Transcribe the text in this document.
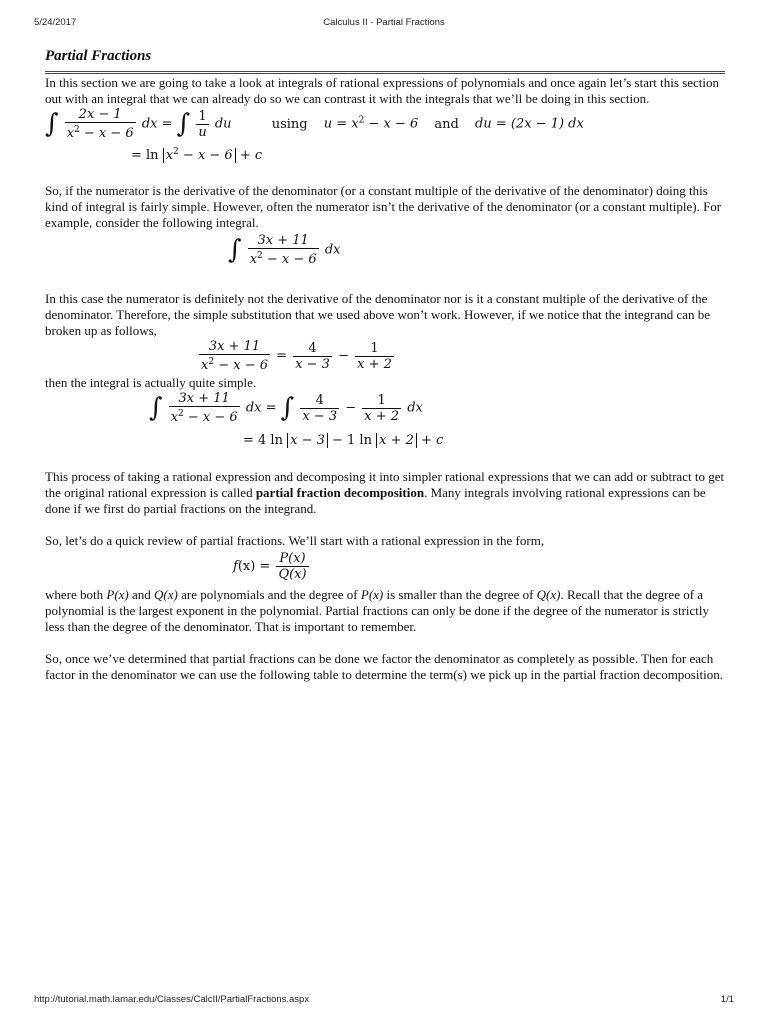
5/24/2017	Calculus II - Partial Fractions
Partial Fractions

In this section we are going to take a look at integrals of rational expressions of polynomials and once again let’s start this section out with an integral that we can already do so we can contrast it with the integrals that we’ll be doing in this section.

∫ $\frac{2x - 1}{x^2 - x - 6}$ dx = ∫ $\frac{1}{u}$ du	using $u = x^2 - x - 6$ and du = (2x − 1) dx
= $\ln x^2 - x - 6 + c$

So, if the numerator is the derivative of the denominator (or a constant multiple of the derivative of the denominator) doing this kind of integral is fairly simple. However, often the numerator isn’t the derivative of the denominator (or a constant multiple). For example, consider the following integral.

∫ $\frac{3x + 11}{x^2 - x - 6}$ dx

In this case the numerator is definitely not the derivative of the denominator nor is it a constant multiple of the derivative of the denominator. Therefore, the simple substitution that we used above won’t work. However, if we notice that the integrand can be broken up as follows,

$\frac{3x + 11}{x^2 - x - 6} = \frac{4}{x - 3} - \frac{1}{x + 2}$

then the integral is actually quite simple.

∫ $\frac{3x + 11}{x^2 - x - 6}$ dx = ∫ $\frac{4}{x - 3} - \frac{1}{x + 2}$ dx
= 4 ln x − 3 − 1 ln x + 2 + c

This process of taking a rational expression and decomposing it into simpler rational expressions that we can add or subtract to get the original rational expression is called partial fraction decomposition. Many integrals involving rational expressions can be done if we first do partial fractions on the integrand.

So, let’s do a quick review of partial fractions. We’ll start with a rational expression in the form,

$f(x) = \frac{P(x)}{Q(x)}$

where both P(x) and Q(x) are polynomials and the degree of P(x) is smaller than the degree of Q(x). Recall that the degree of a polynomial is the largest exponent in the polynomial. Partial fractions can only be done if the degree of the numerator is strictly less than the degree of the denominator. That is important to remember.

So, once we’ve determined that partial fractions can be done we factor the denominator as completely as possible. Then for each factor in the denominator we can use the following table to determine the term(s) we pick up in the partial fraction decomposition.

http://tutorial.math.lamar.edu/Classes/CalcII/PartialFractions.aspx	1/1
